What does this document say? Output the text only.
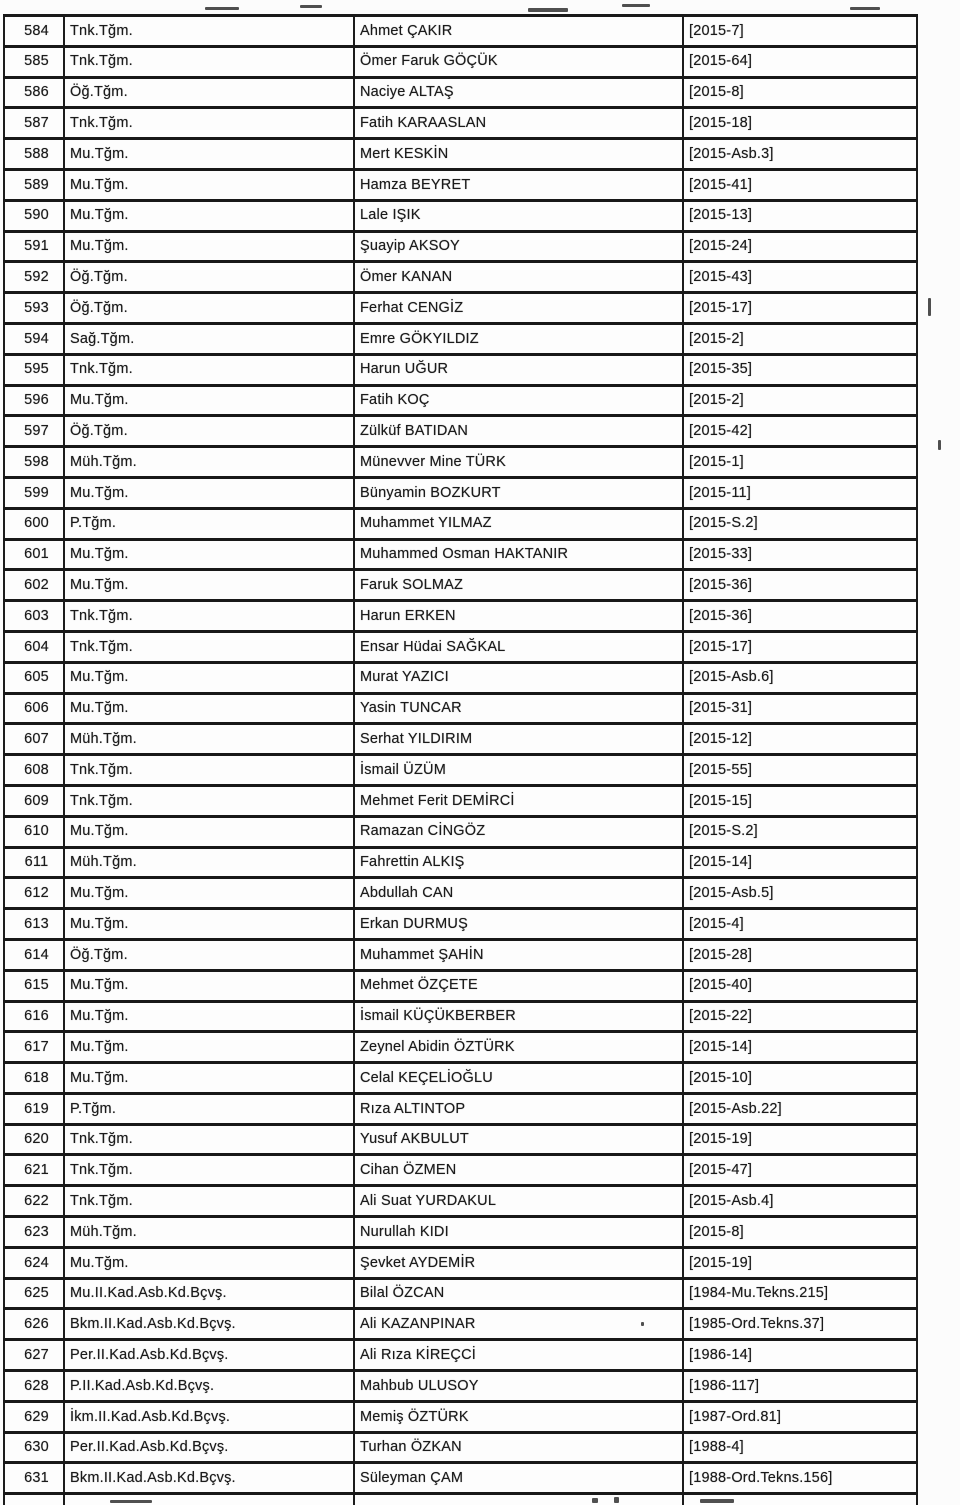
584	Tnk.Tğm.	Ahmet ÇAKIR	[2015-7]
585	Tnk.Tğm.	Ömer Faruk GÖÇÜK	[2015-64]
586	Öğ.Tğm.	Naciye ALTAŞ	[2015-8]
587	Tnk.Tğm.	Fatih KARAASLAN	[2015-18]
588	Mu.Tğm.	Mert KESKİN	[2015-Asb.3]
589	Mu.Tğm.	Hamza BEYRET	[2015-41]
590	Mu.Tğm.	Lale IŞIK	[2015-13]
591	Mu.Tğm.	Şuayip AKSOY	[2015-24]
592	Öğ.Tğm.	Ömer KANAN	[2015-43]
593	Öğ.Tğm.	Ferhat CENGİZ	[2015-17]
594	Sağ.Tğm.	Emre GÖKYILDIZ	[2015-2]
595	Tnk.Tğm.	Harun UĞUR	[2015-35]
596	Mu.Tğm.	Fatih KOÇ	[2015-2]
597	Öğ.Tğm.	Zülküf BATIDAN	[2015-42]
598	Müh.Tğm.	Münevver Mine TÜRK	[2015-1]
599	Mu.Tğm.	Bünyamin BOZKURT	[2015-11]
600	P.Tğm.	Muhammet YILMAZ	[2015-S.2]
601	Mu.Tğm.	Muhammed Osman HAKTANIR	[2015-33]
602	Mu.Tğm.	Faruk SOLMAZ	[2015-36]
603	Tnk.Tğm.	Harun ERKEN	[2015-36]
604	Tnk.Tğm.	Ensar Hüdai SAĞKAL	[2015-17]
605	Mu.Tğm.	Murat YAZICI	[2015-Asb.6]
606	Mu.Tğm.	Yasin TUNCAR	[2015-31]
607	Müh.Tğm.	Serhat YILDIRIM	[2015-12]
608	Tnk.Tğm.	İsmail ÜZÜM	[2015-55]
609	Tnk.Tğm.	Mehmet Ferit DEMİRCİ	[2015-15]
610	Mu.Tğm.	Ramazan CİNGÖZ	[2015-S.2]
611	Müh.Tğm.	Fahrettin ALKIŞ	[2015-14]
612	Mu.Tğm.	Abdullah CAN	[2015-Asb.5]
613	Mu.Tğm.	Erkan DURMUŞ	[2015-4]
614	Öğ.Tğm.	Muhammet ŞAHİN	[2015-28]
615	Mu.Tğm.	Mehmet ÖZÇETE	[2015-40]
616	Mu.Tğm.	İsmail KÜÇÜKBERBER	[2015-22]
617	Mu.Tğm.	Zeynel Abidin ÖZTÜRK	[2015-14]
618	Mu.Tğm.	Celal KEÇELİOĞLU	[2015-10]
619	P.Tğm.	Rıza ALTINTOP	[2015-Asb.22]
620	Tnk.Tğm.	Yusuf AKBULUT	[2015-19]
621	Tnk.Tğm.	Cihan ÖZMEN	[2015-47]
622	Tnk.Tğm.	Ali Suat YURDAKUL	[2015-Asb.4]
623	Müh.Tğm.	Nurullah KIDI	[2015-8]
624	Mu.Tğm.	Şevket AYDEMİR	[2015-19]
625	Mu.II.Kad.Asb.Kd.Bçvş.	Bilal ÖZCAN	[1984-Mu.Tekns.215]
626	Bkm.II.Kad.Asb.Kd.Bçvş.	Ali KAZANPINAR	[1985-Ord.Tekns.37]
627	Per.II.Kad.Asb.Kd.Bçvş.	Ali Rıza KİREÇCİ	[1986-14]
628	P.II.Kad.Asb.Kd.Bçvş.	Mahbub ULUSOY	[1986-117]
629	İkm.II.Kad.Asb.Kd.Bçvş.	Memiş ÖZTÜRK	[1987-Ord.81]
630	Per.II.Kad.Asb.Kd.Bçvş.	Turhan ÖZKAN	[1988-4]
631	Bkm.II.Kad.Asb.Kd.Bçvş.	Süleyman ÇAM	[1988-Ord.Tekns.156]
